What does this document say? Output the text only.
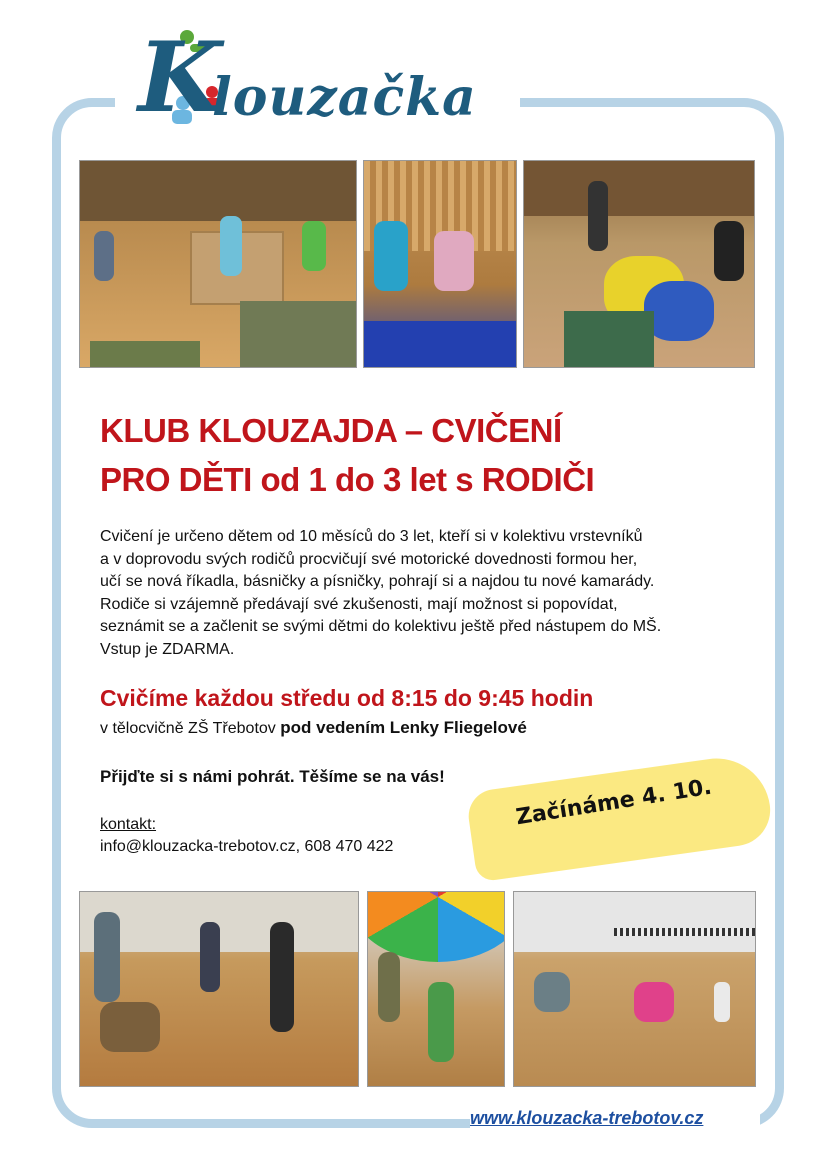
K
louzačka
KLUB KLOUZAJDA – CVIČENÍ
PRO DĚTI od 1 do 3 let s RODIČI
Cvičení je určeno dětem od 10 měsíců do 3 let, kteří si v kolektivu vrstevníků
a v doprovodu svých rodičů procvičují své motorické dovednosti formou her,
učí se nová říkadla, básničky a písničky, pohrají si a najdou tu nové kamarády.
Rodiče si vzájemně předávají své zkušenosti, mají možnost si popovídat,
seznámit se a začlenit se svými dětmi do kolektivu ještě před nástupem do MŠ.
Vstup je ZDARMA.
Cvičíme každou středu od 8:15 do 9:45 hodin
v tělocvičně ZŠ Třebotov pod vedením Lenky Fliegelové
Přijďte si s námi pohrát. Těšíme se na vás!
kontakt:
info@klouzacka-trebotov.cz, 608 470 422
Začínáme 4. 10.
www.klouzacka-trebotov.cz
